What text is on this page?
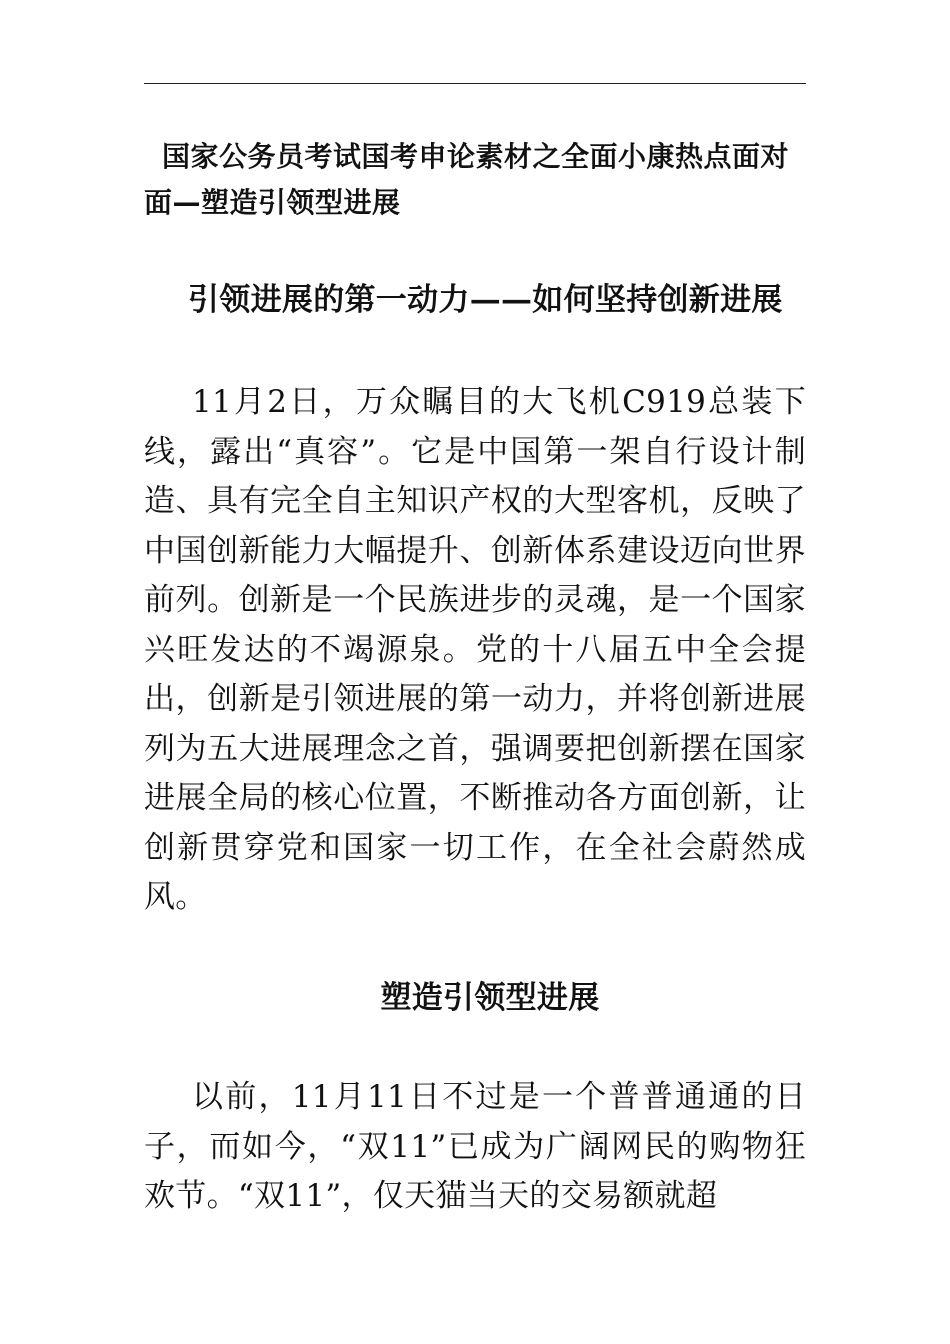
国家公务员考试国考申论素材之全面小康热点面对面—塑造引领型进展
引领进展的第一动力——如何坚持创新进展

11月2日，万众瞩目的大飞机C919总装下线，露出“真容”。它是中国第一架自行设计制造、具有完全自主知识产权的大型客机，反映了中国创新能力大幅提升、创新体系建设迈向世界前列。创新是一个民族进步的灵魂，是一个国家兴旺发达的不竭源泉。党的十八届五中全会提出，创新是引领进展的第一动力，并将创新进展列为五大进展理念之首，强调要把创新摆在国家进展全局的核心位置，不断推动各方面创新，让创新贯穿党和国家一切工作，在全社会蔚然成风。

塑造引领型进展

以前，11月11日不过是一个普普通通的日子，而如今，“双11”已成为广阔网民的购物狂欢节。“双11”，仅天猫当天的交易额就超
